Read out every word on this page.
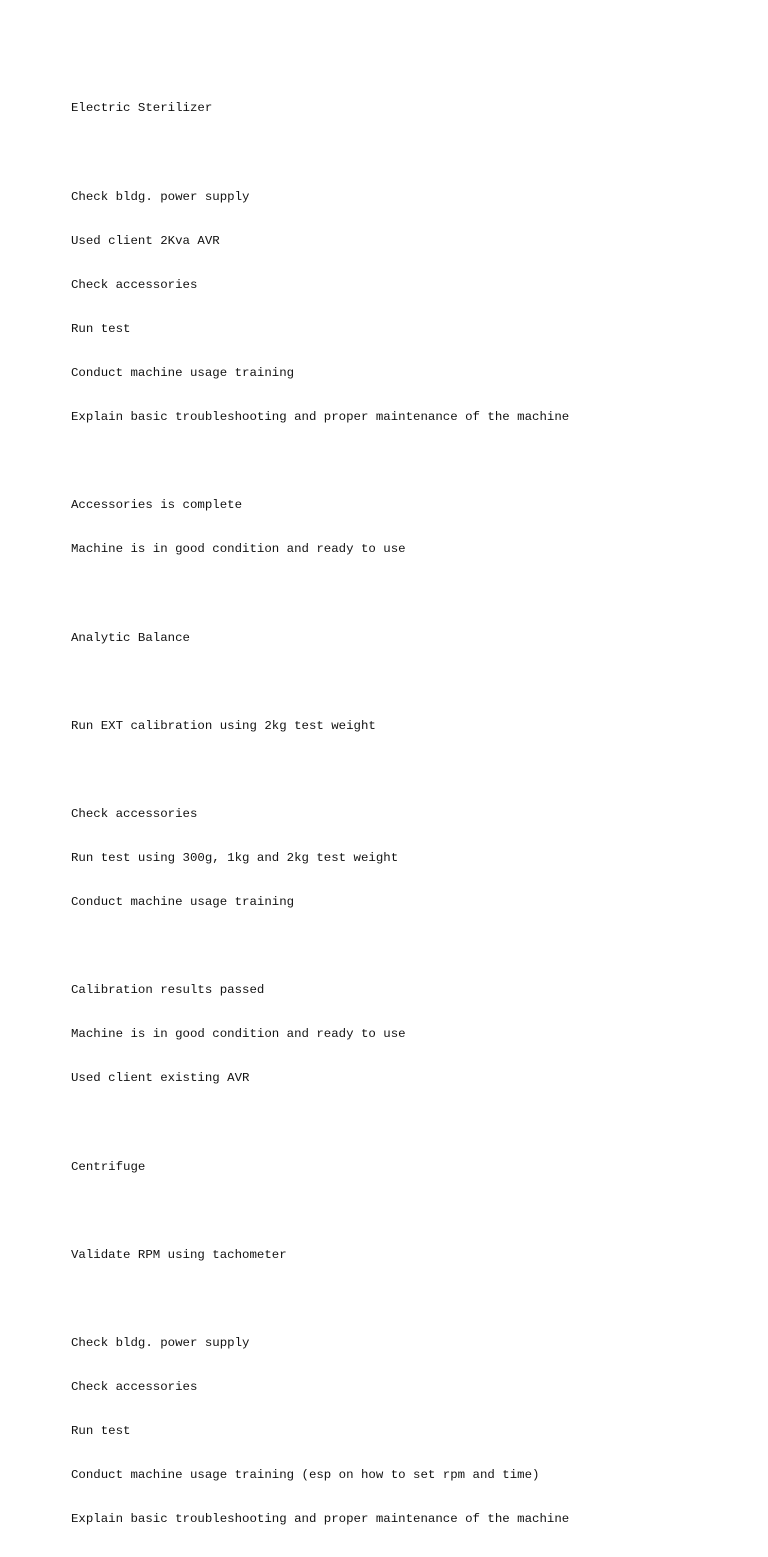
Electric Sterilizer

Check bldg. power supply

Used client 2Kva AVR

Check accessories

Run test

Conduct machine usage training

Explain basic troubleshooting and proper maintenance of the machine

Accessories is complete

Machine is in good condition and ready to use

Analytic Balance

Run EXT calibration using 2kg test weight

Check accessories

Run test using 300g, 1kg and 2kg test weight

Conduct machine usage training

Calibration results passed

Machine is in good condition and ready to use

Used client existing AVR

Centrifuge

Validate RPM using tachometer

Check bldg. power supply

Check accessories

Run test

Conduct machine usage training (esp on how to set rpm and time)

Explain basic troubleshooting and proper maintenance of the machine
